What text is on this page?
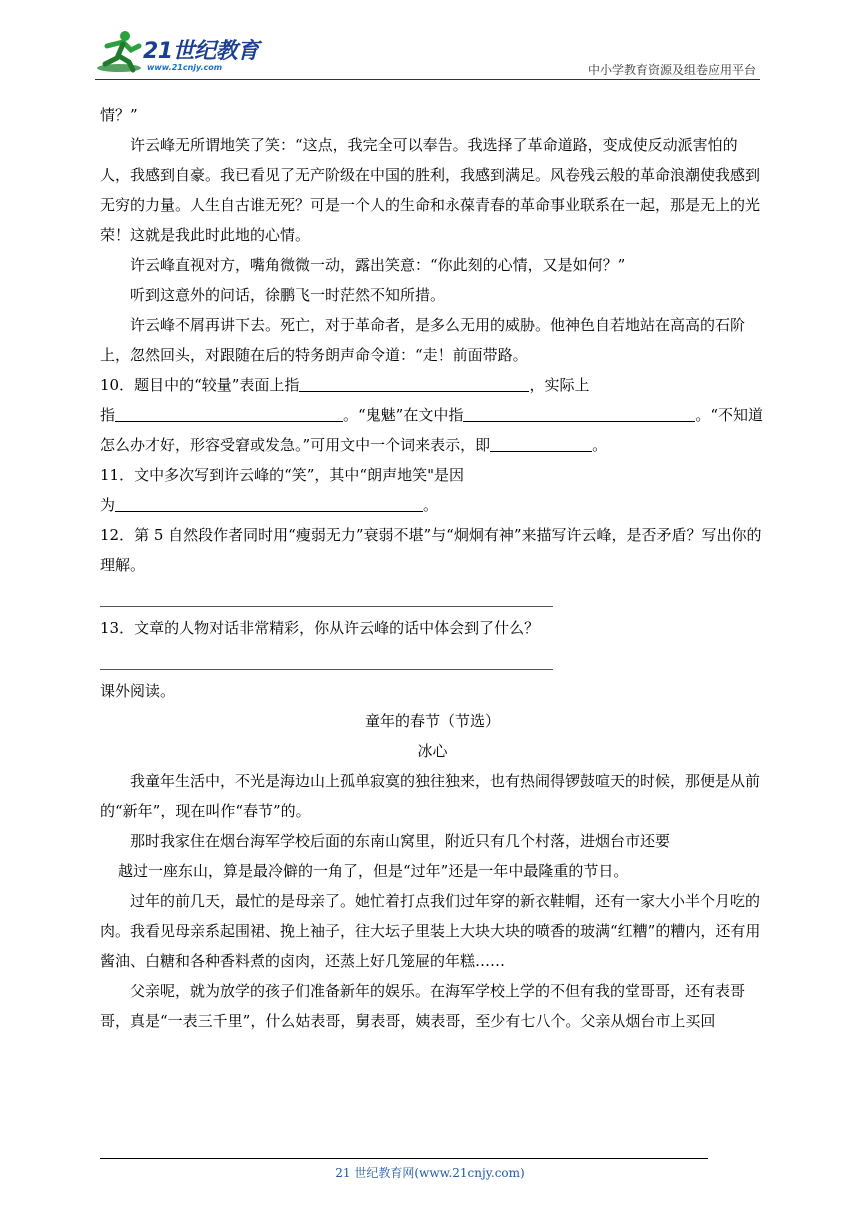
21世纪教育
www.21cnjy.com	中小学教育资源及组卷应用平台

情？”

许云峰无所谓地笑了笑：“这点，我完全可以奉告。我选择了革命道路，变成使反动派害怕的人，我感到自豪。我已看见了无产阶级在中国的胜利，我感到满足。风卷残云般的革命浪潮使我感到无穷的力量。人生自古谁无死？可是一个人的生命和永葆青春的革命事业联系在一起，那是无上的光荣！这就是我此时此地的心情。

许云峰直视对方，嘴角微微一动，露出笑意：“你此刻的心情，又是如何？”

听到这意外的问话，徐鹏飞一时茫然不知所措。

许云峰不屑再讲下去。死亡，对于革命者，是多么无用的威胁。他神色自若地站在高高的石阶上，忽然回头，对跟随在后的特务朗声命令道：“走！前面带路。

10．题目中的“较量”表面上指	，实际上

指	。“鬼魅”在文中指	。“不知道怎么办才好，形容受窘或发急。”可用文中一个词来表示，即	。

11．文中多次写到许云峰的“笑”，其中“朗声地笑"是因

为	。

12．第 5 自然段作者同时用“瘦弱无力”衰弱不堪”与“炯炯有神”来描写许云峰，是否矛盾？写出你的理解。

13．文章的人物对话非常精彩，你从许云峰的话中体会到了什么？

课外阅读。

童年的春节（节选）

冰心

我童年生活中，不光是海边山上孤单寂寞的独往独来，也有热闹得锣鼓喧天的时候，那便是从前的“新年”，现在叫作“春节”的。

那时我家住在烟台海军学校后面的东南山窝里，附近只有几个村落，进烟台市还要

越过一座东山，算是最冷僻的一角了，但是“过年”还是一年中最隆重的节日。

过年的前几天，最忙的是母亲了。她忙着打点我们过年穿的新衣鞋帽，还有一家大小半个月吃的肉。我看见母亲系起围裙、挽上袖子，往大坛子里装上大块大块的喷香的玻满“红糟”的糟内，还有用酱油、白糖和各种香料煮的卤肉，还蒸上好几笼屉的年糕……

父亲呢，就为放学的孩子们准备新年的娱乐。在海军学校上学的不但有我的堂哥哥，还有表哥哥，真是“一表三千里”，什么姑表哥，舅表哥，姨表哥，至少有七八个。父亲从烟台市上买回

21 世纪教育网(www.21cnjy.com)
